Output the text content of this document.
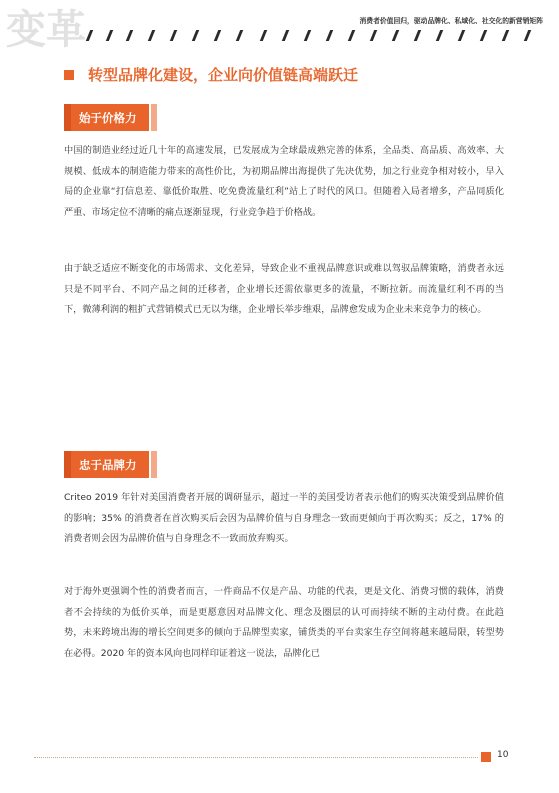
变革	消费者价值回归，驱动品牌化、私域化、社交化的新营销矩阵
转型品牌化建设，企业向价值链高端跃迁
始于价格力

中国的制造业经过近几十年的高速发展，已发展成为全球最成熟完善的体系，全品类、高品质、高效率、大规模、低成本的制造能力带来的高性价比，为初期品牌出海提供了先决优势，加之行业竞争相对较小，早入局的企业靠“打信息差、靠低价取胜、吃免费流量红利”站上了时代的风口。但随着入局者增多，产品同质化严重、市场定位不清晰的痛点逐渐显现，行业竞争趋于价格战。

由于缺乏适应不断变化的市场需求、文化差异，导致企业不重视品牌意识或难以驾驭品牌策略，消费者永远只是不同平台、不同产品之间的迁移者，企业增长还需依靠更多的流量，不断拉新。而流量红利不再的当下，微薄利润的粗扩式营销模式已无以为继，企业增长举步维艰，品牌愈发成为企业未来竞争力的核心。

忠于品牌力

Criteo 2019 年针对美国消费者开展的调研显示，超过一半的美国受访者表示他们的购买决策受到品牌价值的影响；35% 的消费者在首次购买后会因为品牌价值与自身理念一致而更倾向于再次购买；反之，17% 的消费者则会因为品牌价值与自身理念不一致而放弃购买。

对于海外更强调个性的消费者而言，一件商品不仅是产品、功能的代表，更是文化、消费习惯的载体，消费者不会持续的为低价买单，而是更愿意因对品牌文化、理念及圈层的认可而持续不断的主动付费。在此趋势，未来跨境出海的增长空间更多的倾向于品牌型卖家，铺货类的平台卖家生存空间将越来越局限，转型势在必得。2020 年的资本风向也同样印证着这一说法，品牌化已

10
